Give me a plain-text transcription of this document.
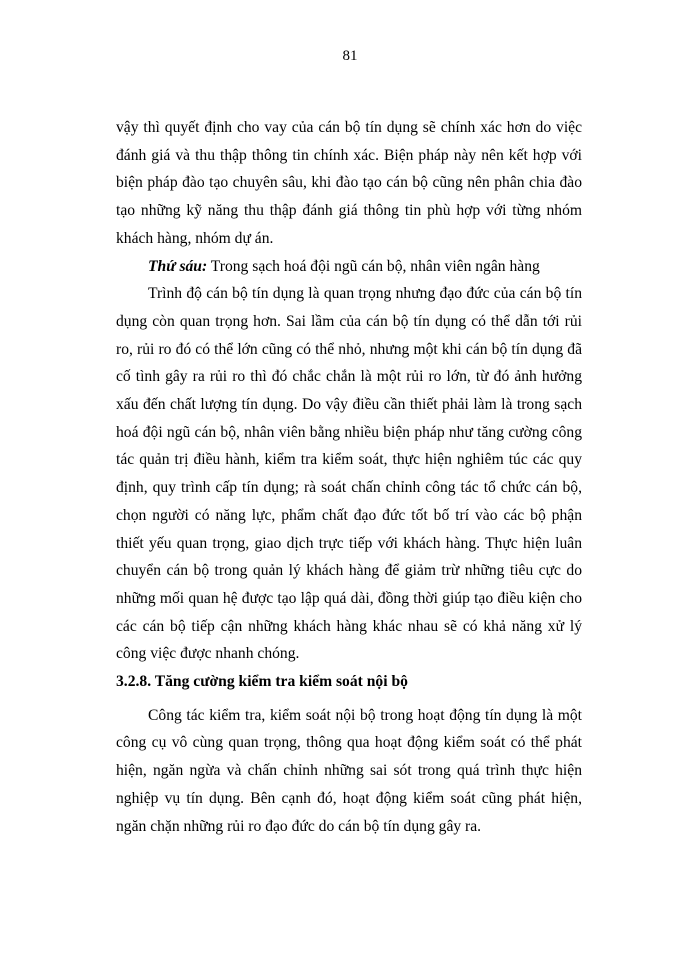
81

vậy thì quyết định cho vay của cán bộ tín dụng sẽ chính xác hơn do việc đánh giá và thu thập thông tin chính xác. Biện pháp này nên kết hợp với biện pháp đào tạo chuyên sâu, khi đào tạo cán bộ cũng nên phân chia đào tạo những kỹ năng thu thập đánh giá thông tin phù hợp với từng nhóm khách hàng, nhóm dự án.

Thứ sáu: Trong sạch hoá đội ngũ cán bộ, nhân viên ngân hàng

Trình độ cán bộ tín dụng là quan trọng nhưng đạo đức của cán bộ tín dụng còn quan trọng hơn. Sai lầm của cán bộ tín dụng có thể dẫn tới rủi ro, rủi ro đó có thể lớn cũng có thể nhỏ, nhưng một khi cán bộ tín dụng đã cố tình gây ra rủi ro thì đó chắc chắn là một rủi ro lớn, từ đó ảnh hưởng xấu đến chất lượng tín dụng. Do vậy điều cần thiết phải làm là trong sạch hoá đội ngũ cán bộ, nhân viên bằng nhiều biện pháp như tăng cường công tác quản trị điều hành, kiểm tra kiểm soát, thực hiện nghiêm túc các quy định, quy trình cấp tín dụng; rà soát chấn chỉnh công tác tổ chức cán bộ, chọn người có năng lực, phẩm chất đạo đức tốt bố trí vào các bộ phận thiết yếu quan trọng, giao dịch trực tiếp với khách hàng. Thực hiện luân chuyển cán bộ trong quản lý khách hàng để giảm trừ những tiêu cực do những mối quan hệ được tạo lập quá dài, đồng thời giúp tạo điều kiện cho các cán bộ tiếp cận những khách hàng khác nhau sẽ có khả năng xử lý công việc được nhanh chóng.

3.2.8. Tăng cường kiểm tra kiểm soát nội bộ

Công tác kiểm tra, kiểm soát nội bộ trong hoạt động tín dụng là một công cụ vô cùng quan trọng, thông qua hoạt động kiểm soát có thể phát hiện, ngăn ngừa và chấn chỉnh những sai sót trong quá trình thực hiện nghiệp vụ tín dụng. Bên cạnh đó, hoạt động kiểm soát cũng phát hiện, ngăn chặn những rủi ro đạo đức do cán bộ tín dụng gây ra.
